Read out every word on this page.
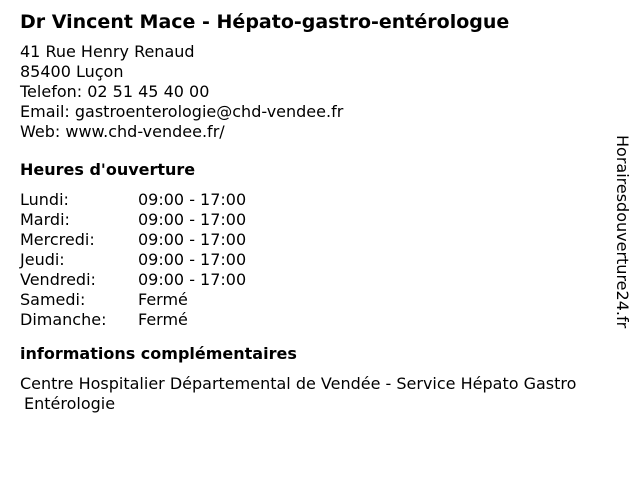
Dr Vincent Mace - Hépato-gastro-entérologue
41 Rue Henry Renaud
85400 Luçon
Telefon: 02 51 45 40 00
Email: gastroenterologie@chd-vendee.fr
Web: www.chd-vendee.fr/
Heures d'ouverture
Lundi:	09:00 - 17:00
Mardi:	09:00 - 17:00
Mercredi:	09:00 - 17:00
Jeudi:	09:00 - 17:00
Vendredi:	09:00 - 17:00
Samedi:	Fermé
Dimanche:	Fermé
informations complémentaires
Centre Hospitalier Départemental de Vendée - Service Hépato Gastro
Entérologie
Horairesdouverture24.fr
